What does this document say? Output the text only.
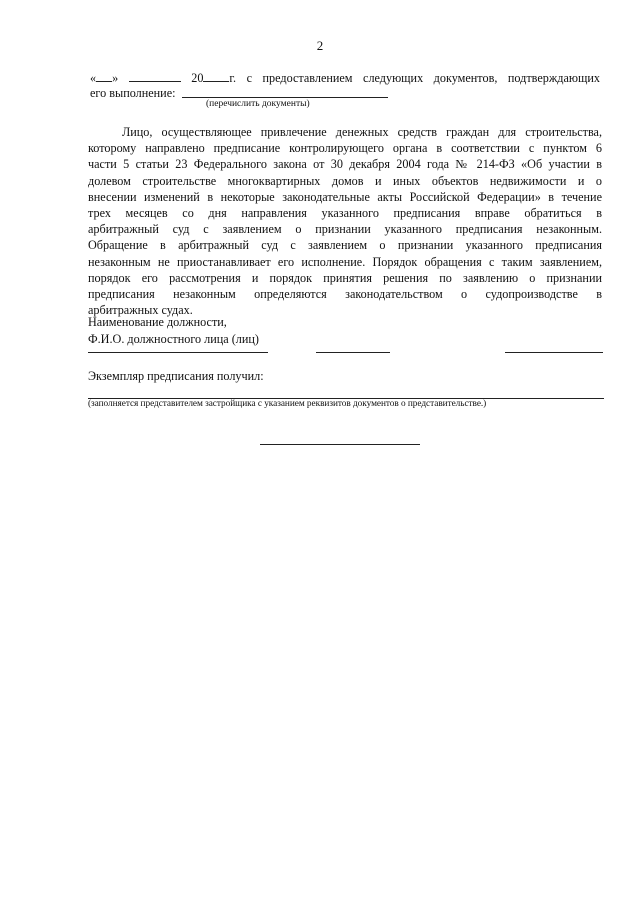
2
« »	20 г. с предоставлением следующих документов, подтверждающих
его выполнение:
(перечислить документы)

Лицо, осуществляющее привлечение денежных средств граждан для строительства,

которому направлено предписание контролирующего органа в соответствии с пунктом 6

части 5 статьи 23 Федерального закона от 30 декабря 2004 года № 214-ФЗ «Об участии в

долевом строительстве многоквартирных домов и иных объектов недвижимости и о

внесении изменений в некоторые законодательные акты Российской Федерации» в течение

трех месяцев со дня направления указанного предписания вправе обратиться в

арбитражный суд с заявлением о признании указанного предписания незаконным.

Обращение в арбитражный суд с заявлением о признании указанного предписания

незаконным не приостанавливает его исполнение. Порядок обращения с таким заявлением,

порядок его рассмотрения и порядок принятия решения по заявлению о признании

предписания незаконным определяются законодательством о судопроизводстве в

арбитражных судах.

Наименование должности,
Ф.И.О. должностного лица (лиц)
Экземпляр предписания получил:
(заполняется представителем застройщика с указанием реквизитов документов о представительстве.)
